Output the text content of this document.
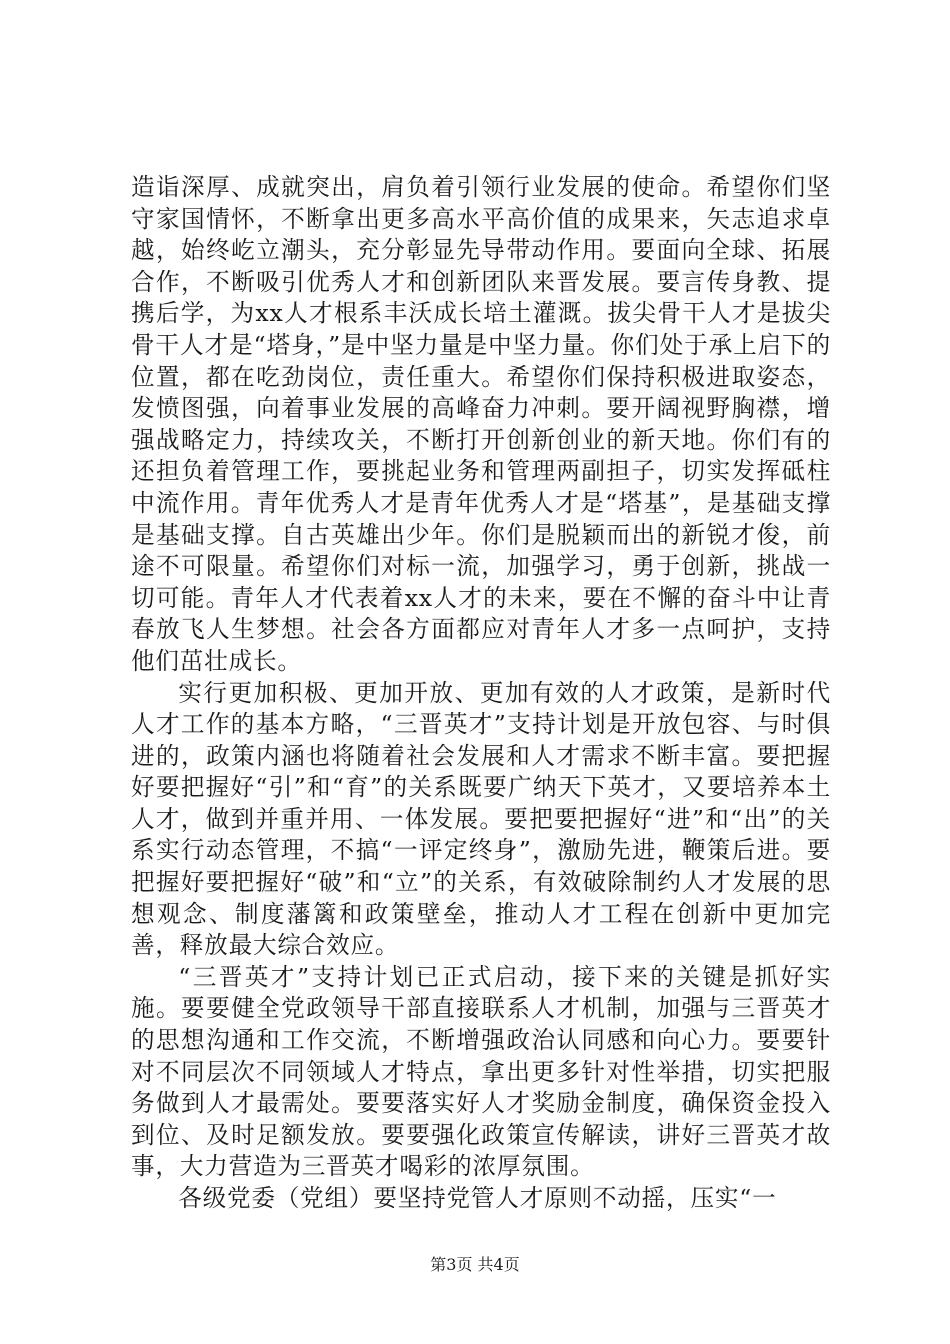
造诣深厚、成就突出，肩负着引领行业发展的使命。希望你们坚守家国情怀，不断拿出更多高水平高价值的成果来，矢志追求卓越，始终屹立潮头，充分彰显先导带动作用。要面向全球、拓展合作，不断吸引优秀人才和创新团队来晋发展。要言传身教、提携后学，为xx人才根系丰沃成长培土灌溉。拔尖骨干人才是拔尖骨干人才是“塔身，”是中坚力量是中坚力量。你们处于承上启下的位置，都在吃劲岗位，责任重大。希望你们保持积极进取姿态，发愤图强，向着事业发展的高峰奋力冲刺。要开阔视野胸襟，增强战略定力，持续攻关，不断打开创新创业的新天地。你们有的还担负着管理工作，要挑起业务和管理两副担子，切实发挥砥柱中流作用。青年优秀人才是青年优秀人才是“塔基”，是基础支撑是基础支撑。自古英雄出少年。你们是脱颖而出的新锐才俊，前途不可限量。希望你们对标一流，加强学习，勇于创新，挑战一切可能。青年人才代表着xx人才的未来，要在不懈的奋斗中让青春放飞人生梦想。社会各方面都应对青年人才多一点呵护，支持他们茁壮成长。

实行更加积极、更加开放、更加有效的人才政策，是新时代人才工作的基本方略，“三晋英才”支持计划是开放包容、与时俱进的，政策内涵也将随着社会发展和人才需求不断丰富。要把握好要把握好“引”和“育”的关系既要广纳天下英才，又要培养本土人才，做到并重并用、一体发展。要把要把握好“进”和“出”的关系实行动态管理，不搞“一评定终身”，激励先进，鞭策后进。要把握好要把握好“破”和“立”的关系，有效破除制约人才发展的思想观念、制度藩篱和政策壁垒，推动人才工程在创新中更加完善，释放最大综合效应。

“三晋英才”支持计划已正式启动，接下来的关键是抓好实施。要要健全党政领导干部直接联系人才机制，加强与三晋英才的思想沟通和工作交流，不断增强政治认同感和向心力。要要针对不同层次不同领域人才特点，拿出更多针对性举措，切实把服务做到人才最需处。要要落实好人才奖励金制度，确保资金投入到位、及时足额发放。要要强化政策宣传解读，讲好三晋英才故事，大力营造为三晋英才喝彩的浓厚氛围。

各级党委（党组）要坚持党管人才原则不动摇，压实“一

第3页 共4页
